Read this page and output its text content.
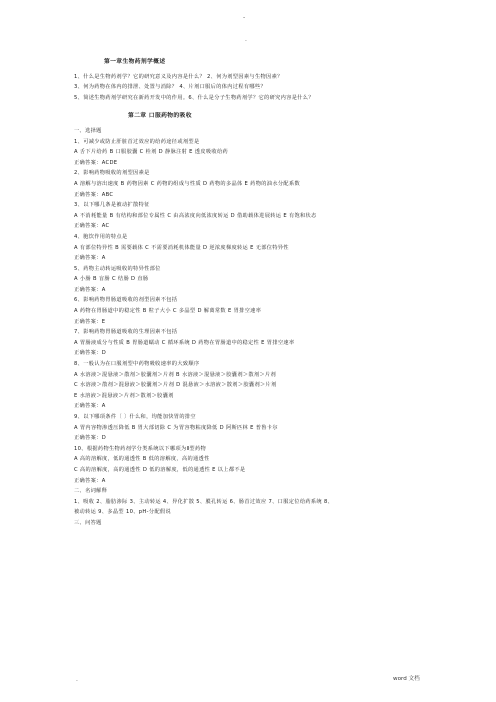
-
.
第一章生物药剂学概述
1、什么是生物药剂学？它的研究意义及内容是什么？ 2、何为剂型因素与生物因素？
3、何为药物在体内的排泄、处置与消除？ 4、片剂口服后的体内过程有哪些？
5、简述生物药剂学研究在新药开发中的作用。6、什么是分子生物药剂学？它的研究内容是什么？
第二章 口服药物的吸收
一、选择题
1、可减少或防止肝脏首过效应的给药途径或剂型是
A 舌下片给药 B 口服胶囊 C 栓剂 D 静脉注射 E 透皮吸收给药
正确答案：ACDE
2、影响药物吸收的剂型因素是
A 溶解与溶出速度 B 药物因素 C 药物的组成与性质 D 药物的多晶体 E 药物的油水分配系数
正确答案：ABC
3、以下哪几条是被动扩散特征
A 不消耗能量 B 有结构和部位专属性 C 由高浓度向低浓度转运 D 借助载体进展转运 E 有饱和状态
正确答案：AC
4、胞饮作用的特点是
A 有部位特异性 B 需要载体 C 不需要消耗机体能量 D 逆浓度梯度转运 E 无部位特异性
正确答案：A
5、药物主动转运吸收的特异性部位
A 小肠 B 盲肠 C 结肠 D 直肠
正确答案：A
6、影响药物胃肠道吸收的剂型因素不包括
A 药物在胃肠道中的稳定性 B 粒子大小 C 多晶型 D 解离常数 E 胃排空速率
正确答案：E
7、影响药物胃肠道吸收的生理因素不包括
A 胃肠液成分与性质 B 胃肠道蠕动 C 循环系统 D 药物在胃肠道中的稳定性 E 胃排空速率
正确答案：D
8、一般认为在口服剂型中药物吸收速率的大致顺序
A 水溶液＞混悬液＞散剂＞胶囊剂＞片剂 B 水溶液＞混悬液＞胶囊剂＞散剂＞片剂
C 水溶液＞散剂＞混悬液＞胶囊剂＞片剂 D 混悬液＞水溶液＞散剂＞胶囊剂＞片剂
E 水溶液＞混悬液＞片剂＞散剂＞胶囊剂
正确答案：A
9、以下哪项条件〔 〕什么和，均能加快胃的排空
A 胃内容物渗透压降低 B 胃大部切除 C 为胃容物粘度降低 D 阿斯匹林 E 普鲁卡尔
正确答案：D
10、根据药物生物药剂学分类系统以下哪项为Ⅱ型药物
A 高的溶解度，低的通透性 B 低的溶解度，高的通透性
C 高的溶解度，高的通透性 D 低的溶解度，低的通透性 E 以上都不是
正确答案：A
二、名词解释
1、吸收 2、脂肪渗际 3、主动转运 4、异化扩散 5、膜孔转运 6、肠首过效应 7、口服定位给药系统 8、
被动转运 9、多晶型 10、pH-分配假说
三、问答题
.	word 文档
